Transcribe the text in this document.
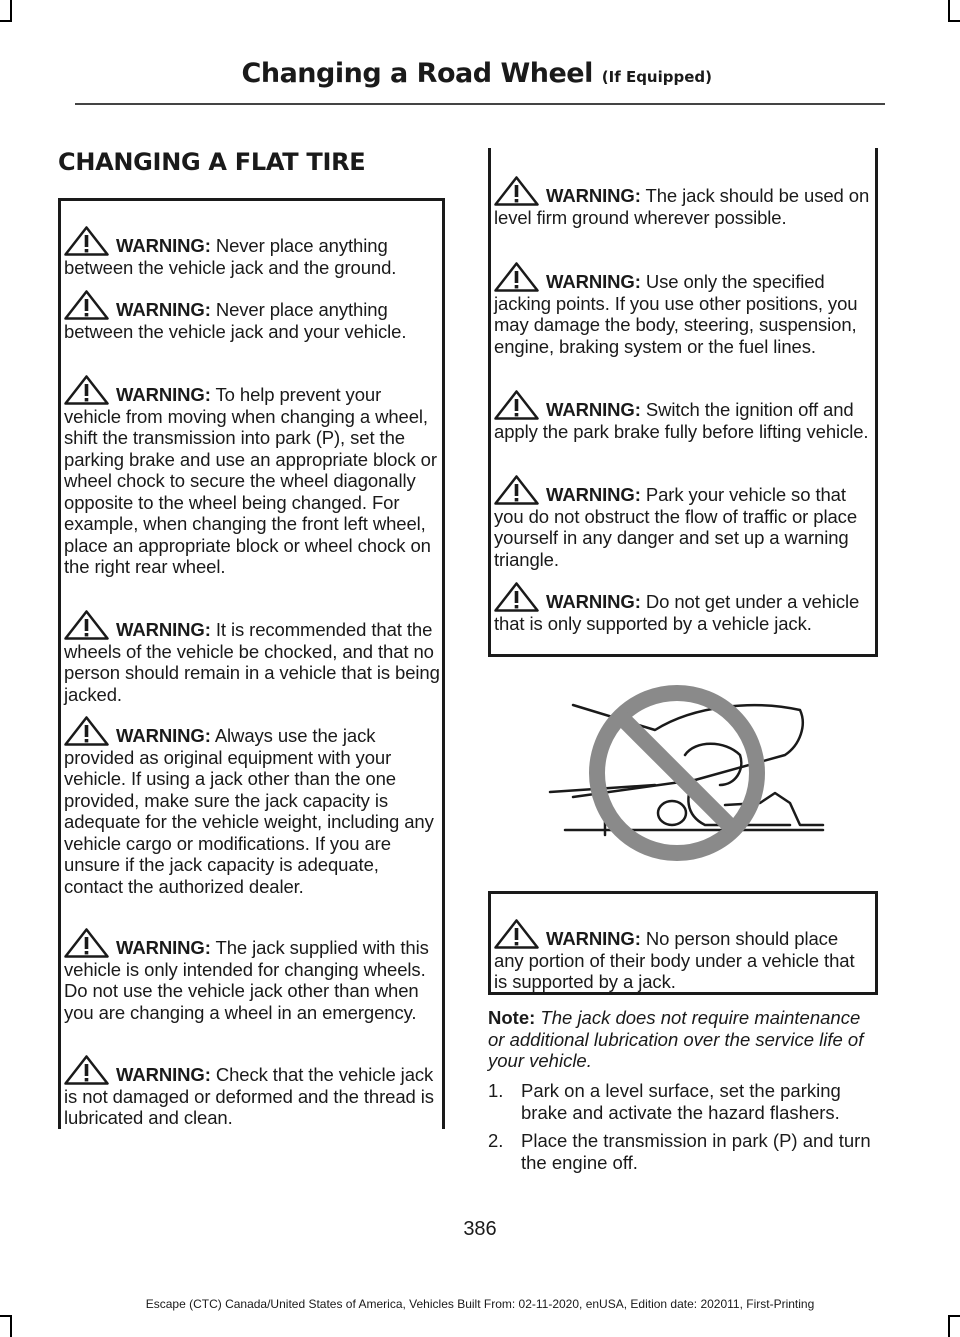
Changing a Road Wheel (If Equipped)
CHANGING A FLAT TIRE
WARNING: Never place anything between the vehicle jack and the ground.
WARNING: Never place anything between the vehicle jack and your vehicle.
WARNING: To help prevent your vehicle from moving when changing a wheel, shift the transmission into park (P), set the parking brake and use an appropriate block or wheel chock to secure the wheel diagonally opposite to the wheel being changed. For example, when changing the front left wheel, place an appropriate block or wheel chock on the right rear wheel.
WARNING: It is recommended that the wheels of the vehicle be chocked, and that no person should remain in a vehicle that is being jacked.
WARNING: Always use the jack provided as original equipment with your vehicle. If using a jack other than the one provided, make sure the jack capacity is adequate for the vehicle weight, including any vehicle cargo or modifications. If you are unsure if the jack capacity is adequate, contact the authorized dealer.
WARNING: The jack supplied with this vehicle is only intended for changing wheels. Do not use the vehicle jack other than when you are changing a wheel in an emergency.
WARNING: Check that the vehicle jack is not damaged or deformed and the thread is lubricated and clean.
WARNING: The jack should be used on level firm ground wherever possible.
WARNING: Use only the specified jacking points. If you use other positions, you may damage the body, steering, suspension, engine, braking system or the fuel lines.
WARNING: Switch the ignition off and apply the park brake fully before lifting vehicle.
WARNING: Park your vehicle so that you do not obstruct the flow of traffic or place yourself in any danger and set up a warning triangle.
WARNING: Do not get under a vehicle that is only supported by a vehicle jack.
WARNING: No person should place any portion of their body under a vehicle that is supported by a jack.
Note: The jack does not require maintenance or additional lubrication over the service life of your vehicle.
1. Park on a level surface, set the parking brake and activate the hazard flashers.
2. Place the transmission in park (P) and turn the engine off.
386
Escape (CTC) Canada/United States of America, Vehicles Built From: 02-11-2020, enUSA, Edition date: 202011, First-Printing
